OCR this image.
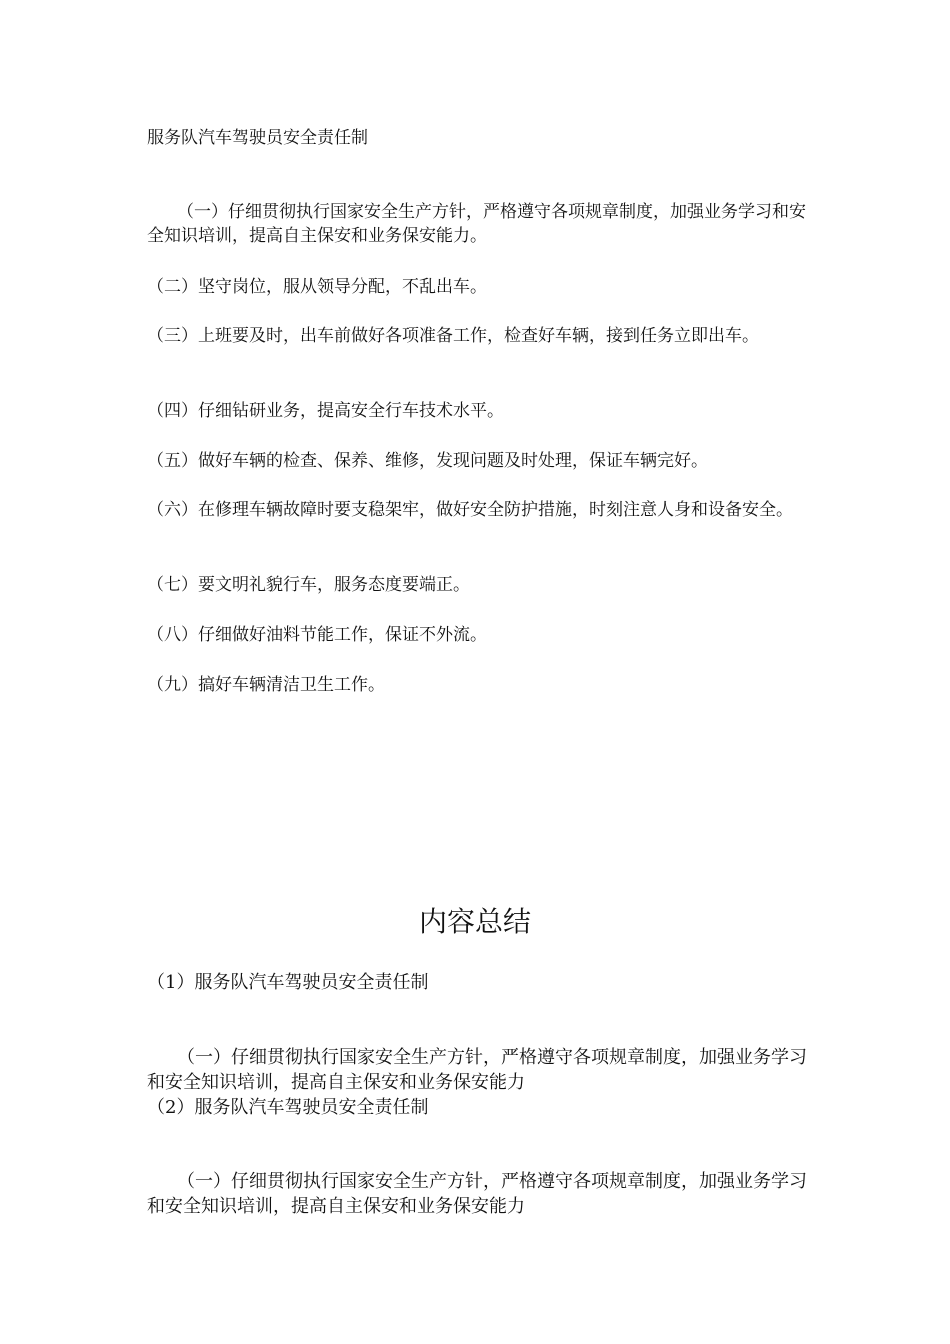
服务队汽车驾驶员安全责任制

（一）仔细贯彻执行国家安全生产方针，严格遵守各项规章制度，加强业务学习和安全知识培训，提高自主保安和业务保安能力。

（二）坚守岗位，服从领导分配，不乱出车。

（三）上班要及时，出车前做好各项准备工作，检查好车辆，接到任务立即出车。

（四）仔细钻研业务，提高安全行车技术水平。

（五）做好车辆的检查、保养、维修，发现问题及时处理，保证车辆完好。

（六）在修理车辆故障时要支稳架牢，做好安全防护措施，时刻注意人身和设备安全。

（七）要文明礼貌行车，服务态度要端正。

（八）仔细做好油料节能工作，保证不外流。

（九）搞好车辆清洁卫生工作。

内容总结

（1）服务队汽车驾驶员安全责任制

（一）仔细贯彻执行国家安全生产方针，严格遵守各项规章制度，加强业务学习和安全知识培训，提高自主保安和业务保安能力

（2）服务队汽车驾驶员安全责任制

（一）仔细贯彻执行国家安全生产方针，严格遵守各项规章制度，加强业务学习和安全知识培训，提高自主保安和业务保安能力
